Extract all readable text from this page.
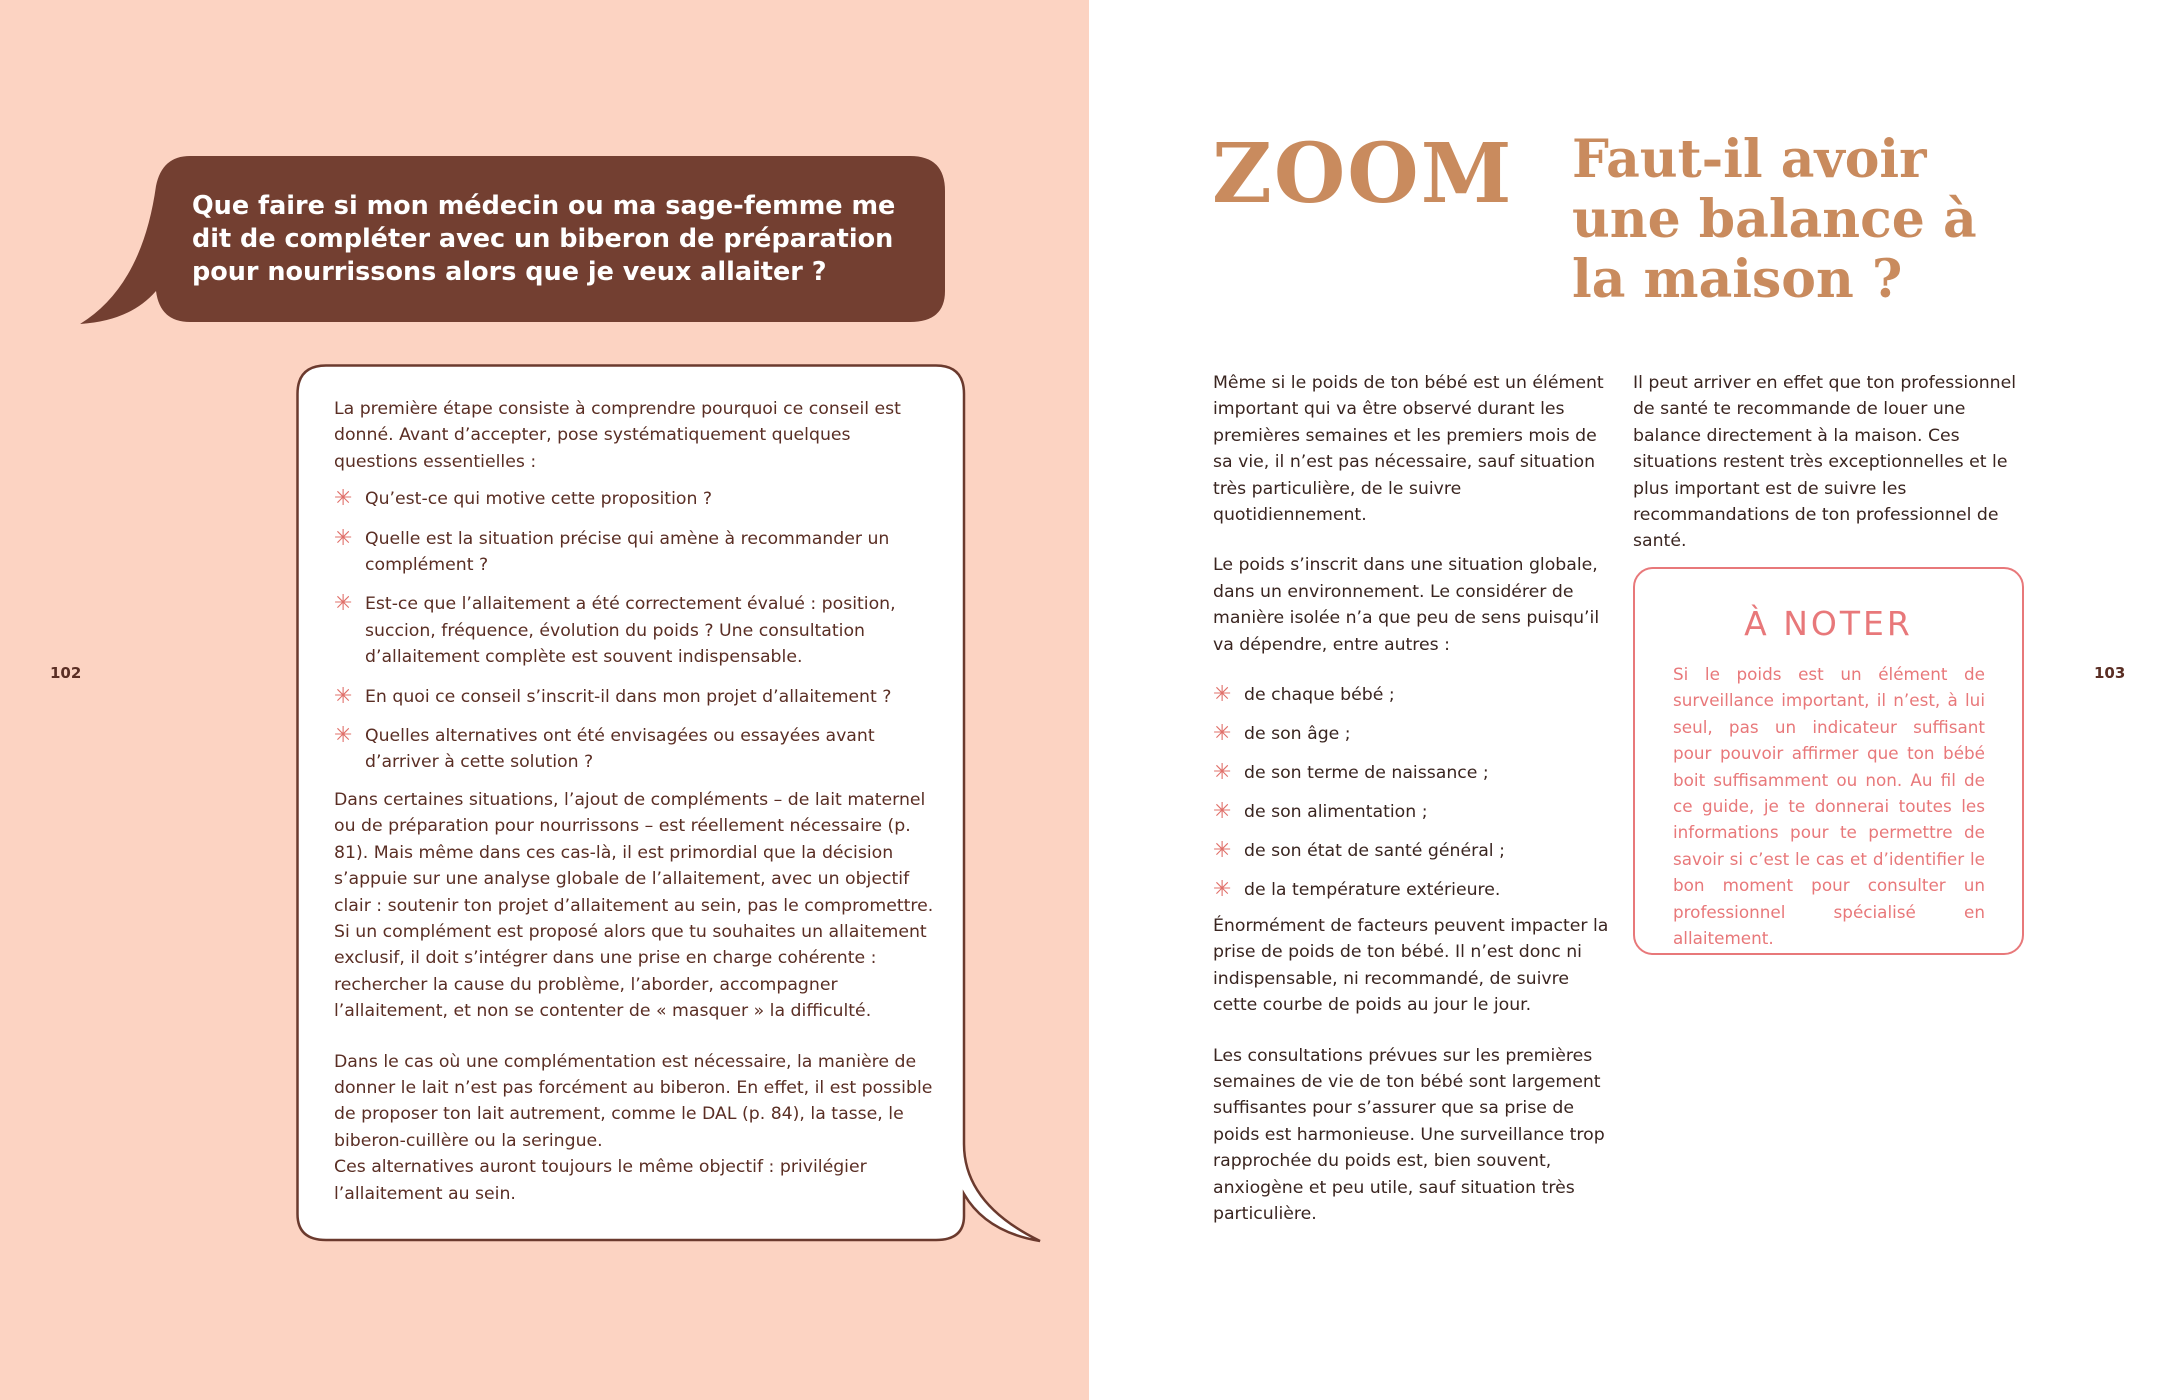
102
Que faire si mon médecin ou ma sage-femme me dit de compléter avec un biberon de préparation pour nourrissons alors que je veux allaiter ?

La première étape consiste à comprendre pourquoi ce conseil est donné. Avant d’accepter, pose systématiquement quelques questions essentielles :

✳ Qu’est-ce qui motive cette proposition ?
✳ Quelle est la situation précise qui amène à recommander un complément ?
✳ Est-ce que l’allaitement a été correctement évalué : position, succion, fréquence, évolution du poids ? Une consultation d’allaitement complète est souvent indispensable.
✳ En quoi ce conseil s’inscrit-il dans mon projet d’allaitement ?
✳ Quelles alternatives ont été envisagées ou essayées avant d’arriver à cette solution ?

Dans certaines situations, l’ajout de compléments – de lait maternel ou de préparation pour nourrissons – est réellement nécessaire (p. 81). Mais même dans ces cas-là, il est primordial que la décision s’appuie sur une analyse globale de l’allaitement, avec un objectif clair : soutenir ton projet d’allaitement au sein, pas le compromettre.

Si un complément est proposé alors que tu souhaites un allaitement exclusif, il doit s’intégrer dans une prise en charge cohérente : rechercher la cause du problème, l’aborder, accompagner l’allaitement, et non se contenter de « masquer » la difficulté.

Dans le cas où une complémentation est nécessaire, la manière de donner le lait n’est pas forcément au biberon. En effet, il est possible de proposer ton lait autrement, comme le DAL (p. 84), la tasse, le biberon-cuillère ou la seringue.

Ces alternatives auront toujours le même objectif : privilégier l’allaitement au sein.

103
ZOOM Faut-il avoir une balance à la maison ?

Même si le poids de ton bébé est un élément important qui va être observé durant les premières semaines et les premiers mois de sa vie, il n’est pas nécessaire, sauf situation très particulière, de le suivre quotidiennement.

Le poids s’inscrit dans une situation globale, dans un environnement. Le considérer de manière isolée n’a que peu de sens puisqu’il va dépendre, entre autres :

✳ de chaque bébé ;
✳ de son âge ;
✳ de son terme de naissance ;
✳ de son alimentation ;
✳ de son état de santé général ;
✳ de la température extérieure.

Énormément de facteurs peuvent impacter la prise de poids de ton bébé. Il n’est donc ni indispensable, ni recommandé, de suivre cette courbe de poids au jour le jour.

Les consultations prévues sur les premières semaines de vie de ton bébé sont largement suffisantes pour s’assurer que sa prise de poids est harmonieuse. Une surveillance trop rapprochée du poids est, bien souvent, anxiogène et peu utile, sauf situation très particulière.

Il peut arriver en effet que ton professionnel de santé te recommande de louer une balance directement à la maison. Ces situations restent très exceptionnelles et le plus important est de suivre les recommandations de ton professionnel de santé.

À NOTER
Si le poids est un élément de surveillance important, il n’est, à lui seul, pas un indicateur suffisant pour pouvoir affirmer que ton bébé boit suffisamment ou non. Au fil de ce guide, je te donnerai toutes les informations pour te permettre de savoir si c’est le cas et d’identifier le bon moment pour consulter un professionnel spécialisé en allaitement.
